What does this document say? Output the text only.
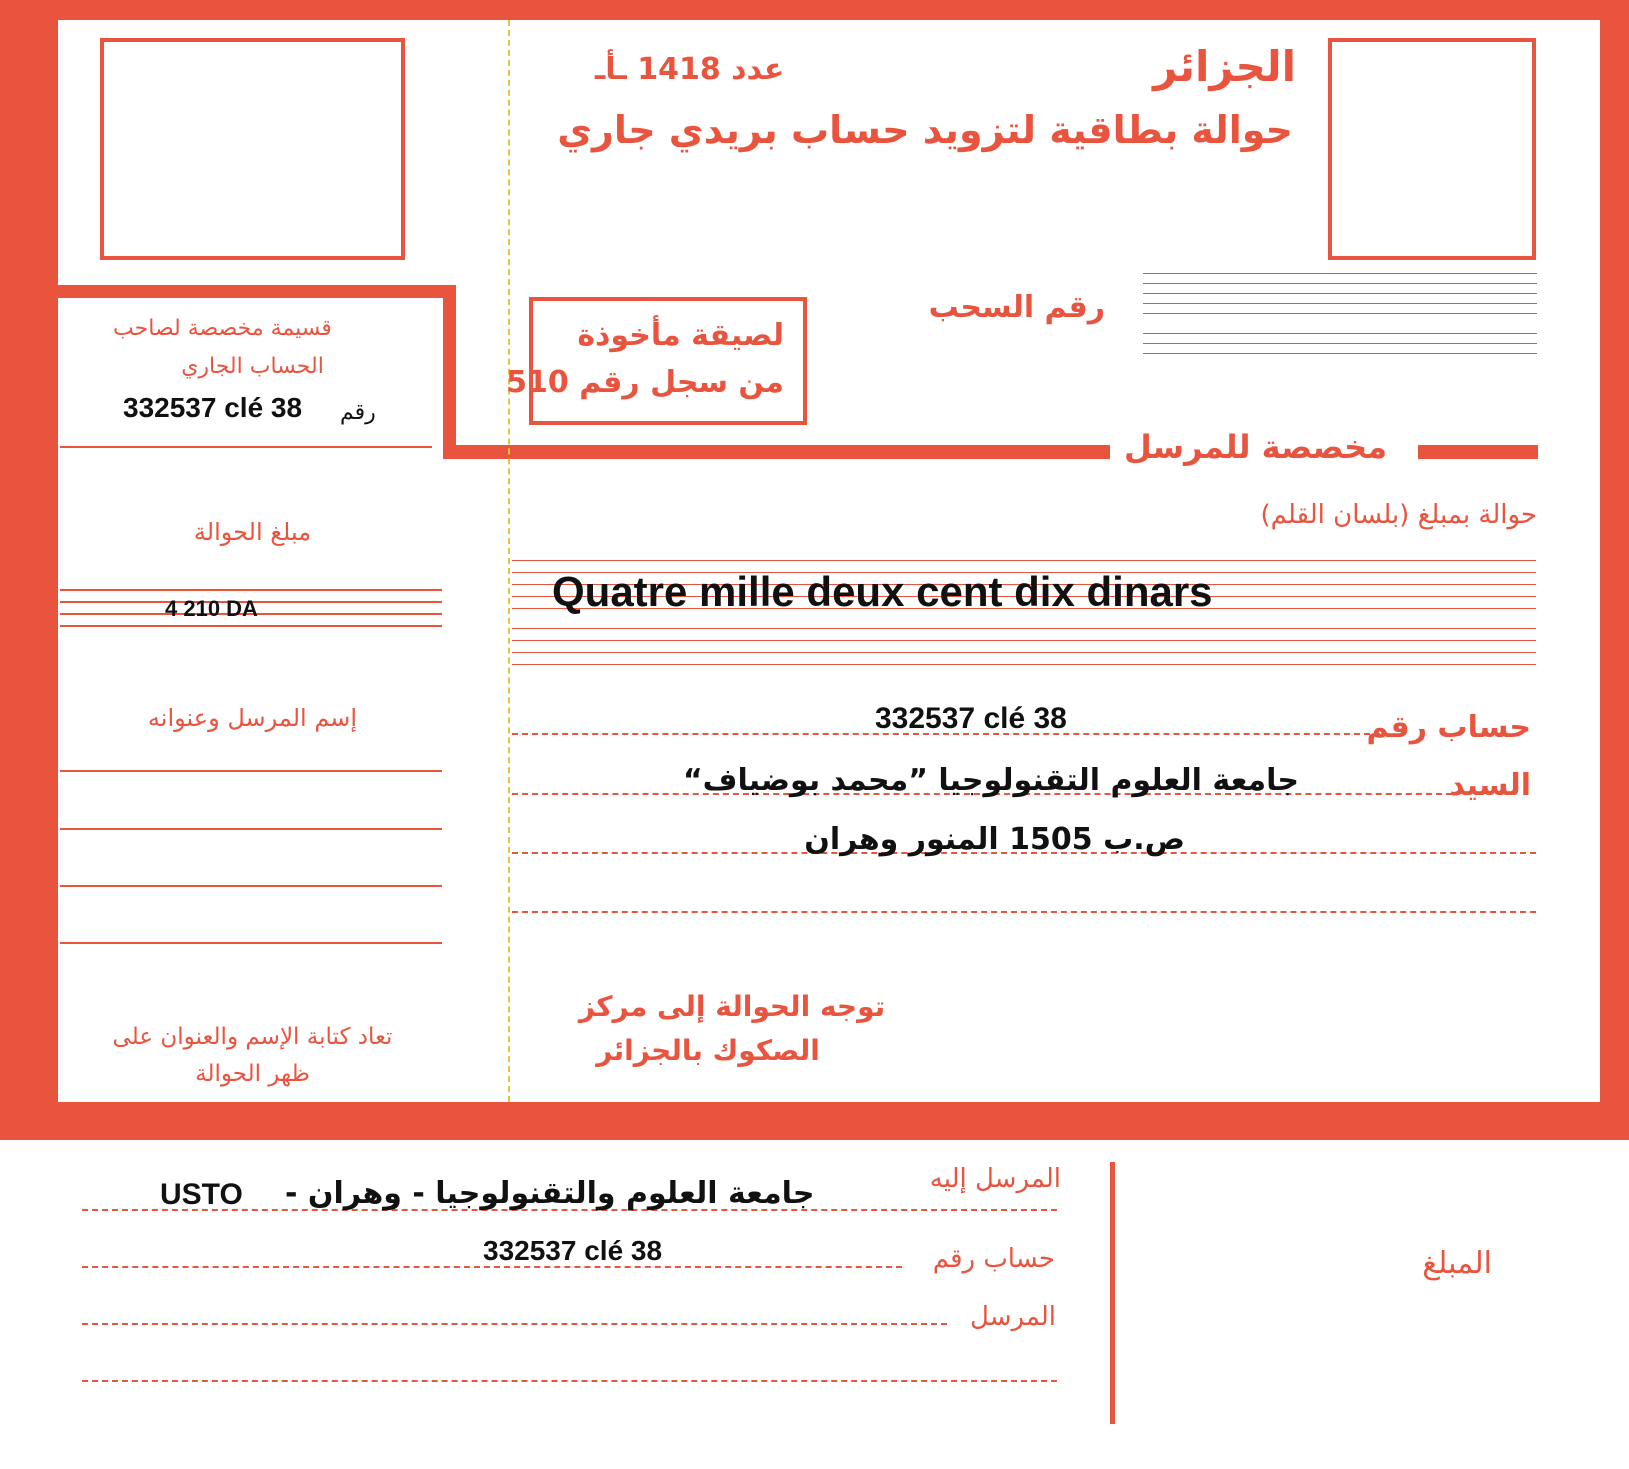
الجزائر
عدد 1418 ـأـ
حوالة بطاقية لتزويد حساب بريدي جاري
لصيقة مأخوذة
من سجل رقم 510
رقم السحب
مخصصة للمرسل
قسيمة مخصصة لصاحب
الحساب الجاري
332537 clé 38 رقم
مبلغ الحوالة
4 210 DA
إسم المرسل وعنوانه
تعاد كتابة الإسم والعنوان على
ظهر الحوالة
حوالة بمبلغ (بلسان القلم)
Quatre mille deux cent dix dinars
حساب رقم
332537 clé 38
السيد
جامعة العلوم التقنولوجيا ”محمد بوضياف“
ص.ب 1505 المنور وهران
توجه الحوالة إلى مركز
الصكوك بالجزائر
المرسل إليه
جامعة العلوم والتقنولوجيا - وهران -
USTO
حساب رقم
332537 clé 38
المرسل
المبلغ
